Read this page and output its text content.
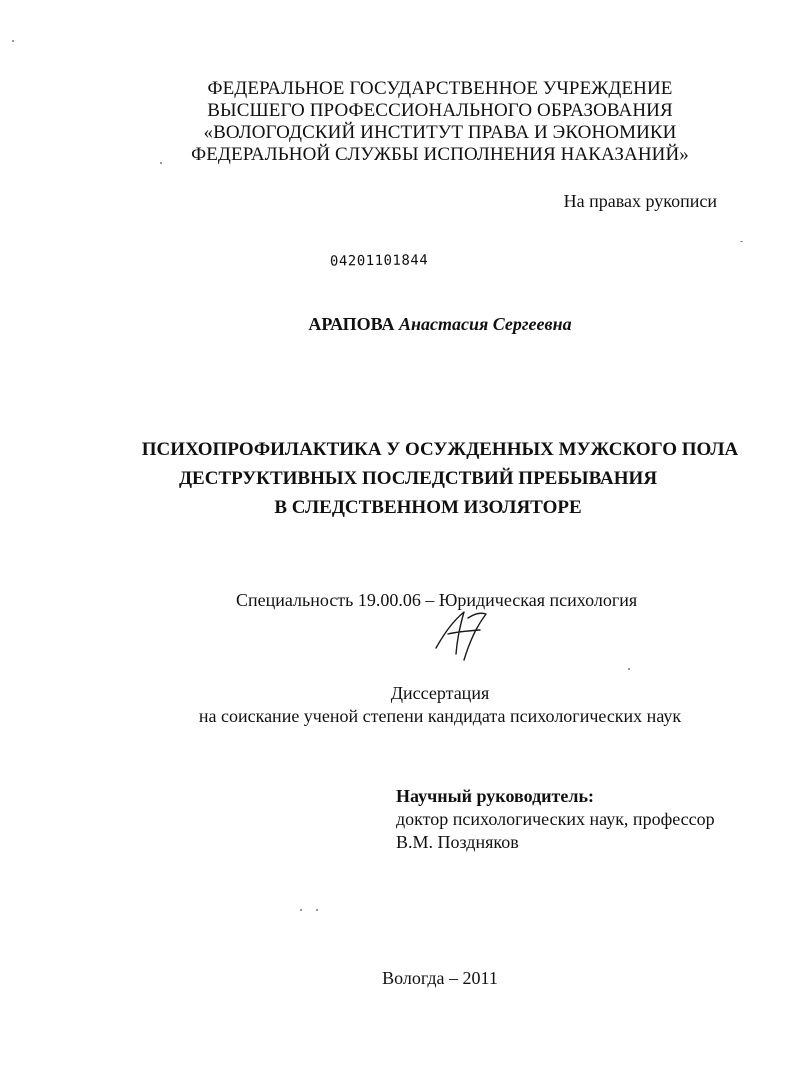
ФЕДЕРАЛЬНОЕ ГОСУДАРСТВЕННОЕ УЧРЕЖДЕНИЕ
ВЫСШЕГО ПРОФЕССИОНАЛЬНОГО ОБРАЗОВАНИЯ
«ВОЛОГОДСКИЙ ИНСТИТУТ ПРАВА И ЭКОНОМИКИ
ФЕДЕРАЛЬНОЙ СЛУЖБЫ ИСПОЛНЕНИЯ НАКАЗАНИЙ»
На правах рукописи
04201101844
АРАПОВА Анастасия Сергеевна
ПСИХОПРОФИЛАКТИКА У ОСУЖДЕННЫХ МУЖСКОГО ПОЛА
ДЕСТРУКТИВНЫХ ПОСЛЕДСТВИЙ ПРЕБЫВАНИЯ
В СЛЕДСТВЕННОМ ИЗОЛЯТОРЕ
Специальность 19.00.06 – Юридическая психология
Диссертация
на соискание ученой степени кандидата психологических наук
Научный руководитель:
доктор психологических наук, профессор
В.М. Поздняков
Вологда – 2011
